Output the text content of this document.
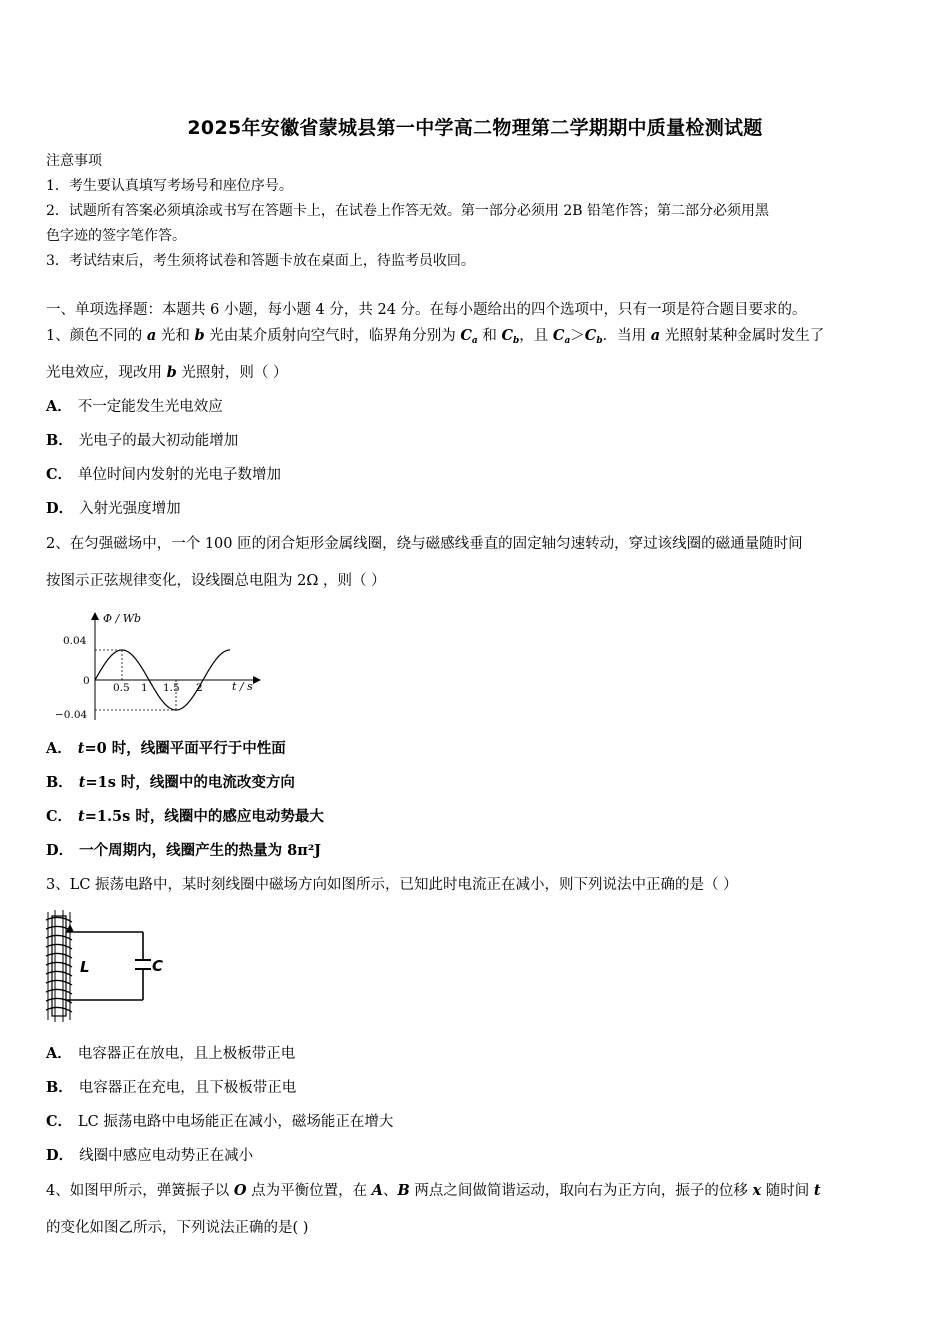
2025年安徽省蒙城县第一中学高二物理第二学期期中质量检测试题
注意事项
1．考生要认真填写考场号和座位序号。
2．试题所有答案必须填涂或书写在答题卡上，在试卷上作答无效。第一部分必须用 2B 铅笔作答；第二部分必须用黑
色字迹的签字笔作答。
3．考试结束后，考生须将试卷和答题卡放在桌面上，待监考员收回。
一、单项选择题：本题共 6 小题，每小题 4 分，共 24 分。在每小题给出的四个选项中，只有一项是符合题目要求的。
1、颜色不同的 a 光和 b 光由某介质射向空气时，临界角分别为 $C_a$ 和 $C_b$，且 $C_a>C_b$．当用 a 光照射某种金属时发生了
光电效应，现改用 b 光照射，则（ ）
A． 不一定能发生光电效应
B． 光电子的最大初动能增加
C． 单位时间内发射的光电子数增加
D． 入射光强度增加
2、在匀强磁场中，一个 100 匝的闭合矩形金属线圈，绕与磁感线垂直的固定轴匀速转动，穿过该线圈的磁通量随时间
按图示正弦规律变化，设线圈总电阻为 2Ω ，则（ ）
Φ / Wb
t / s
0.04
0
−0.04
0.5 1 1.5 2
A． t=0 时，线圈平面平行于中性面
B． t=1s 时，线圈中的电流改变方向
C． t=1.5s 时，线圈中的感应电动势最大
D． 一个周期内，线圈产生的热量为 8π²J
3、LC 振荡电路中，某时刻线圈中磁场方向如图所示，已知此时电流正在减小，则下列说法中正确的是（ ）
L	C
A． 电容器正在放电，且上极板带正电
B． 电容器正在充电，且下极板带正电
C． LC 振荡电路中电场能正在减小，磁场能正在增大
D． 线圈中感应电动势正在减小
4、如图甲所示，弹簧振子以 O 点为平衡位置，在 A、B 两点之间做简谐运动，取向右为正方向，振子的位移 x 随时间 t
的变化如图乙所示，下列说法正确的是( )
